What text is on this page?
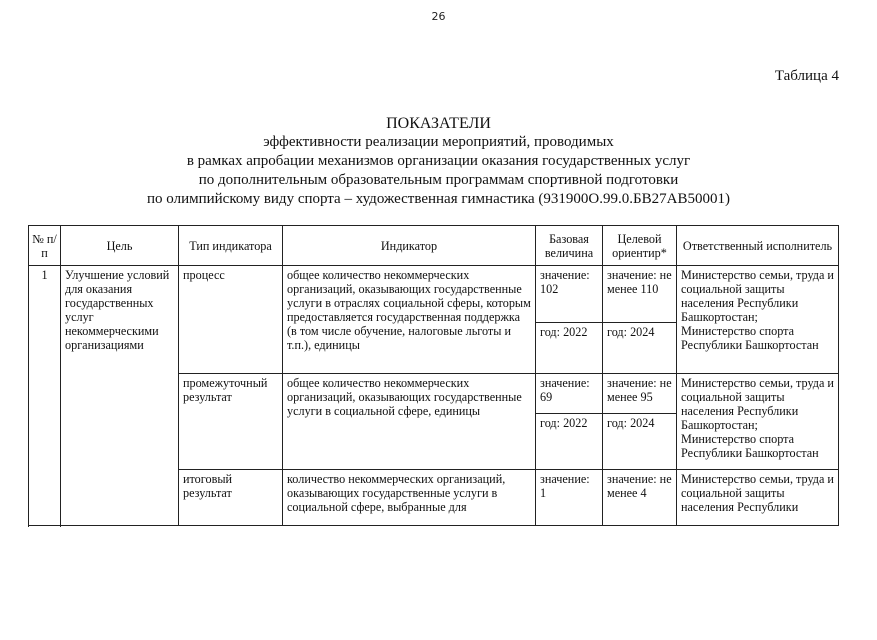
26
Таблица 4
ПОКАЗАТЕЛИ
эффективности реализации мероприятий, проводимых
в рамках апробации механизмов организации оказания государственных услуг
по дополнительным образовательным программам спортивной подготовки
по олимпийскому виду спорта – художественная гимнастика (931900О.99.0.БВ27АВ50001)
№ п/п	Цель	Тип индикатора	Индикатор	Базовая величина	Целевой ориентир*	Ответственный исполнитель
1	Улучшение условий для оказания государственных услуг некоммерческими организациями	процесс	общее количество некоммерческих организаций, оказывающих государственные услуги в отраслях социальной сферы, которым предоставляется государственная поддержка (в том числе обучение, налоговые льготы и т.п.), единицы	значение: 102	значение: не менее 110	Министерство семьи, труда и социальной защиты населения Республики Башкортостан; Министерство спорта Республики Башкортостан
				год: 2022	год: 2024	
		промежуточный результат	общее количество некоммерческих организаций, оказывающих государственные услуги в социальной сфере, единицы	значение: 69	значение: не менее 95	Министерство семьи, труда и социальной защиты населения Республики Башкортостан; Министерство спорта Республики Башкортостан
				год: 2022	год: 2024	
		итоговый результат	количество некоммерческих организаций, оказывающих государственные услуги в социальной сфере, выбранные для	значение: 1	значение: не менее 4	Министерство семьи, труда и социальной защиты населения Республики
